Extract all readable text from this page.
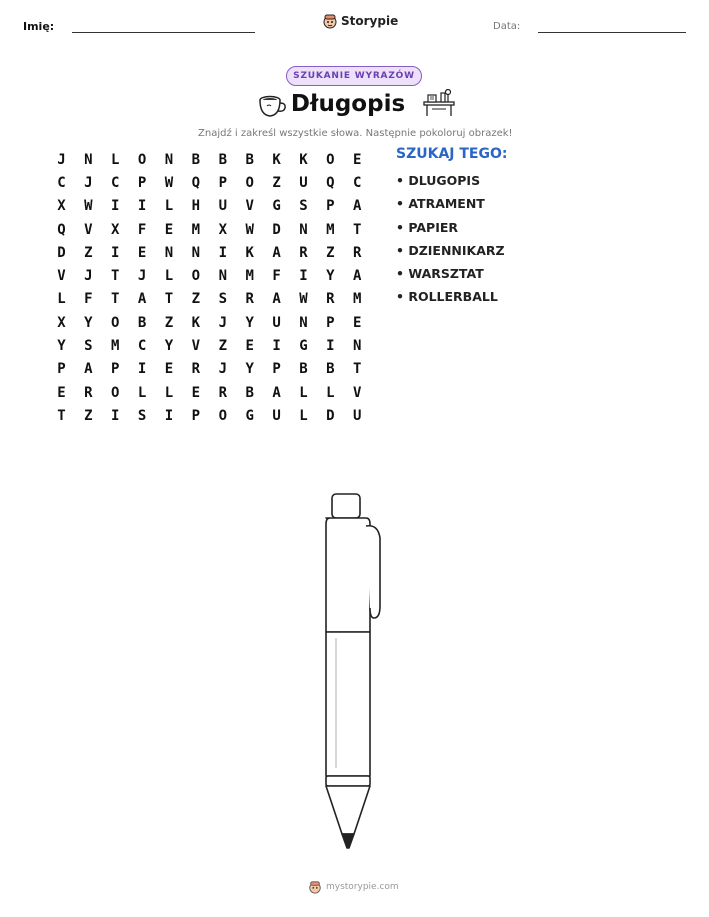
Imię:	Storypie	Data:
SZUKANIE WYRAZÓW
Długopis
Znajdź i zakreśl wszystkie słowa. Następnie pokoloruj obrazek!
J	N	L	O	N	B	B	B	K	K	O	E
C	J	C	P	W	Q	P	O	Z	U	Q	C
X	W	I	I	L	H	U	V	G	S	P	A
Q	V	X	F	E	M	X	W	D	N	M	T
D	Z	I	E	N	N	I	K	A	R	Z	R
V	J	T	J	L	O	N	M	F	I	Y	A
L	F	T	A	T	Z	S	R	A	W	R	M
X	Y	O	B	Z	K	J	Y	U	N	P	E
Y	S	M	C	Y	V	Z	E	I	G	I	N
P	A	P	I	E	R	J	Y	P	B	B	T
E	R	O	L	L	E	R	B	A	L	L	V
T	Z	I	S	I	P	O	G	U	L	D	U
SZUKAJ TEGO:
• DLUGOPIS
• ATRAMENT
• PAPIER
• DZIENNIKARZ
• WARSZTAT
• ROLLERBALL
mystorypie.com
